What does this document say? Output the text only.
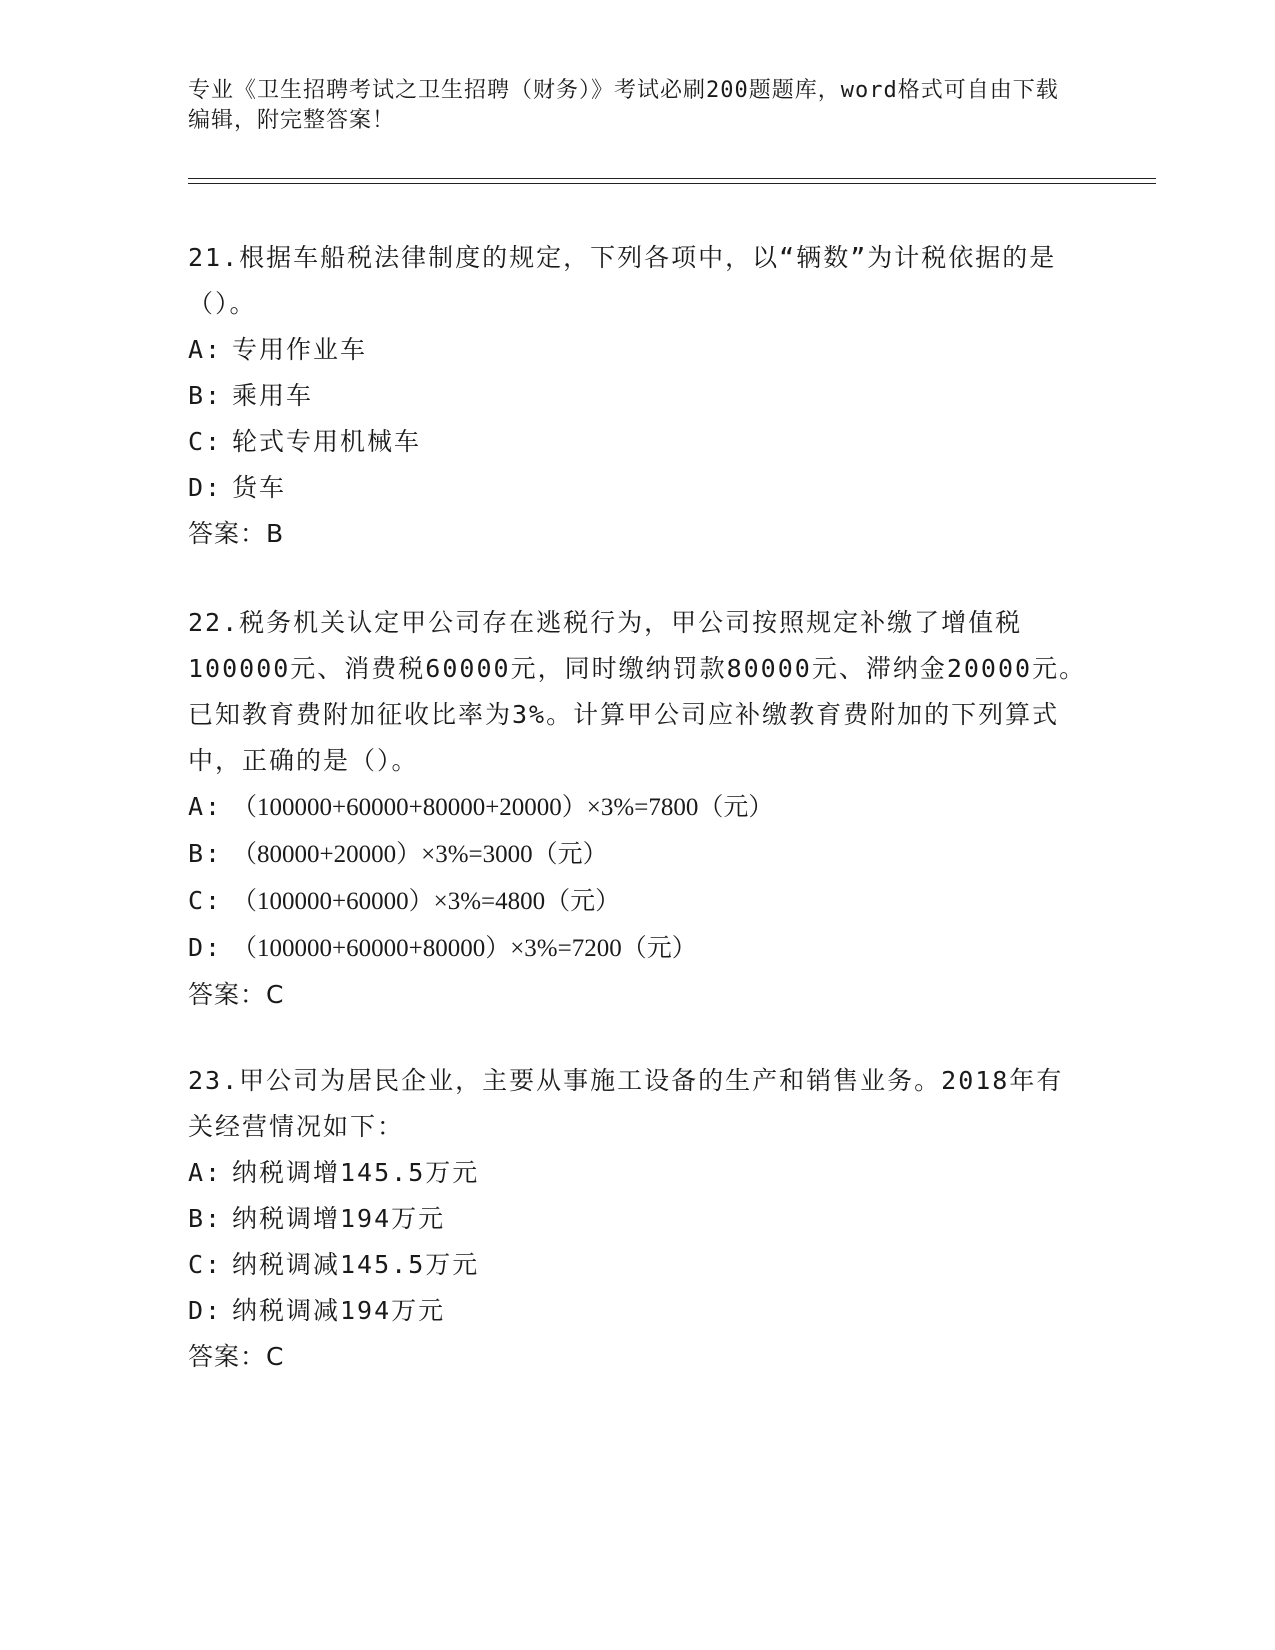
专业《卫生招聘考试之卫生招聘（财务）》考试必刷200题题库，word格式可自由下载编辑，附完整答案！
21.根据车船税法律制度的规定，下列各项中，以“辆数”为计税依据的是（）。
A: 专用作业车
B: 乘用车
C: 轮式专用机械车
D: 货车
答案：B
22.税务机关认定甲公司存在逃税行为，甲公司按照规定补缴了增值税100000元、消费税60000元，同时缴纳罚款80000元、滞纳金20000元。已知教育费附加征收比率为3%。计算甲公司应补缴教育费附加的下列算式中，正确的是（）。
A: （100000+60000+80000+20000）×3%=7800（元）
B: （80000+20000）×3%=3000（元）
C: （100000+60000）×3%=4800（元）
D: （100000+60000+80000）×3%=7200（元）
答案：C
23.甲公司为居民企业，主要从事施工设备的生产和销售业务。2018年有关经营情况如下：
A: 纳税调增145.5万元
B: 纳税调增194万元
C: 纳税调减145.5万元
D: 纳税调减194万元
答案：C
